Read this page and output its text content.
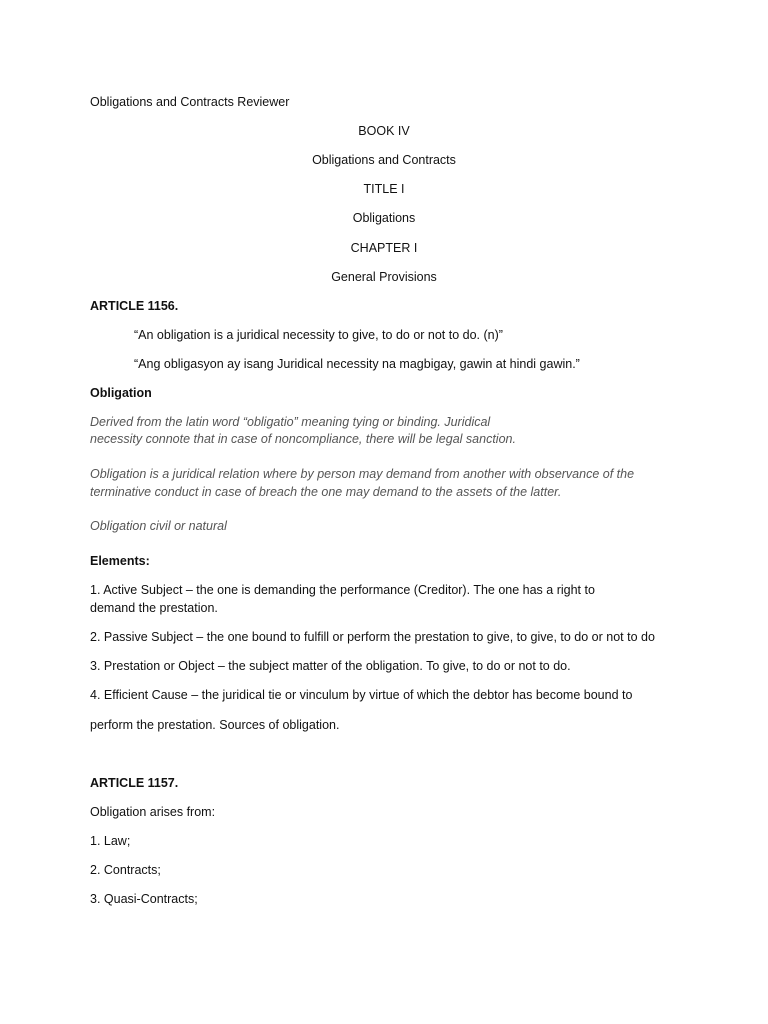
Obligations and Contracts Reviewer

BOOK IV

Obligations and Contracts

TITLE I

Obligations

CHAPTER I

General Provisions

ARTICLE 1156.

“An obligation is a juridical necessity to give, to do or not to do. (n)”

“Ang obligasyon ay isang Juridical necessity na magbigay, gawin at hindi gawin.”

Obligation

Derived from the latin word “obligatio” meaning tying or binding. Juridical

necessity connote that in case of noncompliance, there will be legal sanction.

Obligation is a juridical relation where by person may demand from another with observance of the

terminative conduct in case of breach the one may demand to the assets of the latter.

Obligation civil or natural

Elements:

1. Active Subject – the one is demanding the performance (Creditor). The one has a right to

demand the prestation.

2. Passive Subject – the one bound to fulfill or perform the prestation to give, to give, to do or not to do

3. Prestation or Object – the subject matter of the obligation. To give, to do or not to do.

4. Efficient Cause – the juridical tie or vinculum by virtue of which the debtor has become bound to

perform the prestation. Sources of obligation.

ARTICLE 1157.

Obligation arises from:

1. Law;

2. Contracts;

3. Quasi-Contracts;
